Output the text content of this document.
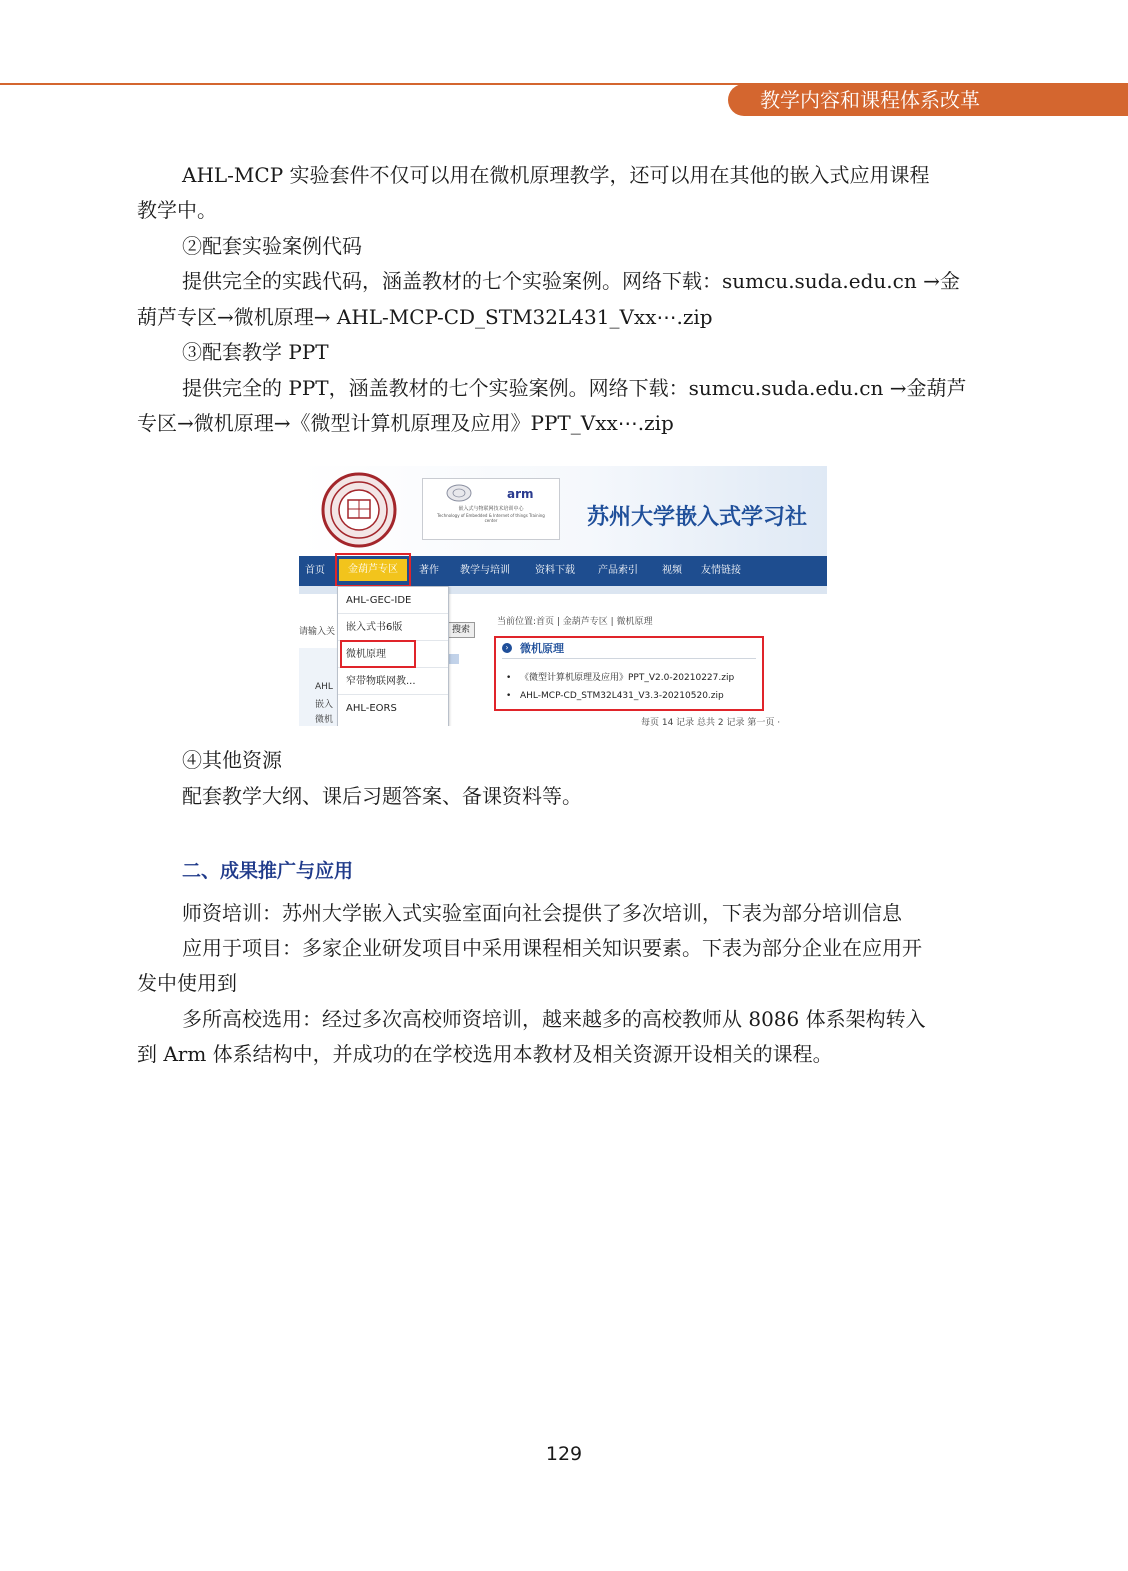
教学内容和课程体系改革

AHL-MCP 实验套件不仅可以用在微机原理教学，还可以用在其他的嵌入式应用课程

教学中。

②配套实验案例代码

提供完全的实践代码，涵盖教材的七个实验案例。网络下载：sumcu.suda.edu.cn →金

葫芦专区→微机原理→ AHL-MCP-CD_STM32L431_Vxx⋯.zip

③配套教学 PPT

提供完全的 PPT，涵盖教材的七个实验案例。网络下载：sumcu.suda.edu.cn →金葫芦

专区→微机原理→《微型计算机原理及应用》PPT_Vxx⋯.zip

arm
嵌入式与物联网技术培训中心
Technology of Embedded & Internet of things Training center	苏州大学嵌入式学习社
首页	著作 教学与培训	资料下载 产品索引 视频 友情链接
金葫芦专区
请输入关	搜索
AHL
嵌入
微机
AHL-GEC-IDE
嵌入式书6版
微机原理
窄带物联网教...
AHL-EORS
当前位置:首页 | 金葫芦专区 | 微机原理
›	微机原理
• 《微型计算机原理及应用》PPT_V2.0-20210227.zip
• AHL-MCP-CD_STM32L431_V3.3-20210520.zip
每页 14 记录 总共 2 记录 第一页 ·

④其他资源

配套教学大纲、课后习题答案、备课资料等。

二、成果推广与应用

师资培训：苏州大学嵌入式实验室面向社会提供了多次培训，下表为部分培训信息

应用于项目：多家企业研发项目中采用课程相关知识要素。下表为部分企业在应用开

发中使用到

多所高校选用：经过多次高校师资培训，越来越多的高校教师从 8086 体系架构转入

到 Arm 体系结构中，并成功的在学校选用本教材及相关资源开设相关的课程。

129
